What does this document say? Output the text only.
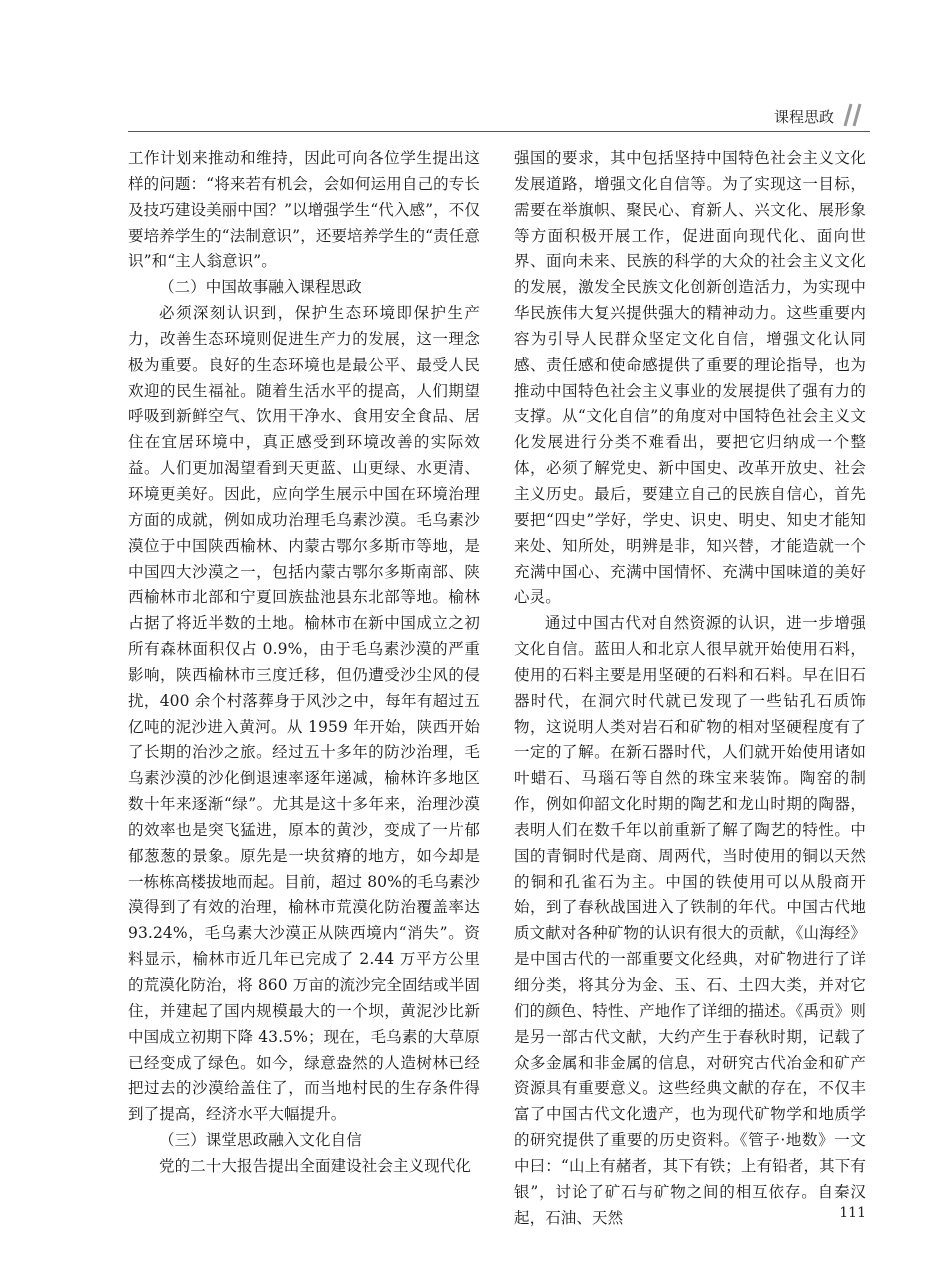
课程思政

工作计划来推动和维持，因此可向各位学生提出这样的问题：“将来若有机会，会如何运用自己的专长及技巧建设美丽中国？”以增强学生“代入感”，不仅要培养学生的“法制意识”，还要培养学生的“责任意识”和“主人翁意识”。

（二）中国故事融入课程思政

必须深刻认识到，保护生态环境即保护生产力，改善生态环境则促进生产力的发展，这一理念极为重要。良好的生态环境也是最公平、最受人民欢迎的民生福祉。随着生活水平的提高，人们期望呼吸到新鲜空气、饮用干净水、食用安全食品、居住在宜居环境中，真正感受到环境改善的实际效益。人们更加渴望看到天更蓝、山更绿、水更清、环境更美好。因此，应向学生展示中国在环境治理方面的成就，例如成功治理毛乌素沙漠。毛乌素沙漠位于中国陕西榆林、内蒙古鄂尔多斯市等地，是中国四大沙漠之一，包括内蒙古鄂尔多斯南部、陕西榆林市北部和宁夏回族盐池县东北部等地。榆林占据了将近半数的土地。榆林市在新中国成立之初所有森林面积仅占 0.9%，由于毛乌素沙漠的严重影响，陕西榆林市三度迁移，但仍遭受沙尘风的侵扰，400 余个村落葬身于风沙之中，每年有超过五亿吨的泥沙进入黄河。从 1959 年开始，陕西开始了长期的治沙之旅。经过五十多年的防沙治理，毛乌素沙漠的沙化倒退速率逐年递减，榆林许多地区数十年来逐渐“绿”。尤其是这十多年来，治理沙漠的效率也是突飞猛进，原本的黄沙，变成了一片郁郁葱葱的景象。原先是一块贫瘠的地方，如今却是一栋栋高楼拔地而起。目前，超过 80%的毛乌素沙漠得到了有效的治理，榆林市荒漠化防治覆盖率达 93.24%，毛乌素大沙漠正从陕西境内“消失”。资料显示，榆林市近几年已完成了 2.44 万平方公里的荒漠化防治，将 860 万亩的流沙完全固结或半固住，并建起了国内规模最大的一个坝，黄泥沙比新中国成立初期下降 43.5%；现在，毛乌素的大草原已经变成了绿色。如今，绿意盎然的人造树林已经把过去的沙漠给盖住了，而当地村民的生存条件得到了提高，经济水平大幅提升。

（三）课堂思政融入文化自信

党的二十大报告提出全面建设社会主义现代化

强国的要求，其中包括坚持中国特色社会主义文化发展道路，增强文化自信等。为了实现这一目标，需要在举旗帜、聚民心、育新人、兴文化、展形象等方面积极开展工作，促进面向现代化、面向世界、面向未来、民族的科学的大众的社会主义文化的发展，激发全民族文化创新创造活力，为实现中华民族伟大复兴提供强大的精神动力。这些重要内容为引导人民群众坚定文化自信，增强文化认同感、责任感和使命感提供了重要的理论指导，也为推动中国特色社会主义事业的发展提供了强有力的支撑。从“文化自信”的角度对中国特色社会主义文化发展进行分类不难看出，要把它归纳成一个整体，必须了解党史、新中国史、改革开放史、社会主义历史。最后，要建立自己的民族自信心，首先要把“四史”学好，学史、识史、明史、知史才能知来处、知所处，明辨是非，知兴替，才能造就一个充满中国心、充满中国情怀、充满中国味道的美好心灵。

通过中国古代对自然资源的认识，进一步增强文化自信。蓝田人和北京人很早就开始使用石料，使用的石料主要是用坚硬的石料和石料。早在旧石器时代，在洞穴时代就已发现了一些钻孔石质饰物，这说明人类对岩石和矿物的相对坚硬程度有了一定的了解。在新石器时代，人们就开始使用诸如叶蜡石、马瑙石等自然的珠宝来装饰。陶窑的制作，例如仰韶文化时期的陶艺和龙山时期的陶器，表明人们在数千年以前重新了解了陶艺的特性。中国的青铜时代是商、周两代，当时使用的铜以天然的铜和孔雀石为主。中国的铁使用可以从殷商开始，到了春秋战国进入了铁制的年代。中国古代地质文献对各种矿物的认识有很大的贡献，《山海经》是中国古代的一部重要文化经典，对矿物进行了详细分类，将其分为金、玉、石、土四大类，并对它们的颜色、特性、产地作了详细的描述。《禹贡》则是另一部古代文献，大约产生于春秋时期，记载了众多金属和非金属的信息，对研究古代冶金和矿产资源具有重要意义。这些经典文献的存在，不仅丰富了中国古代文化遗产，也为现代矿物学和地质学的研究提供了重要的历史资料。《管子·地数》一文中曰：“山上有赭者，其下有铁；上有铅者，其下有银”，讨论了矿石与矿物之间的相互依存。自秦汉起，石油、天然	111
